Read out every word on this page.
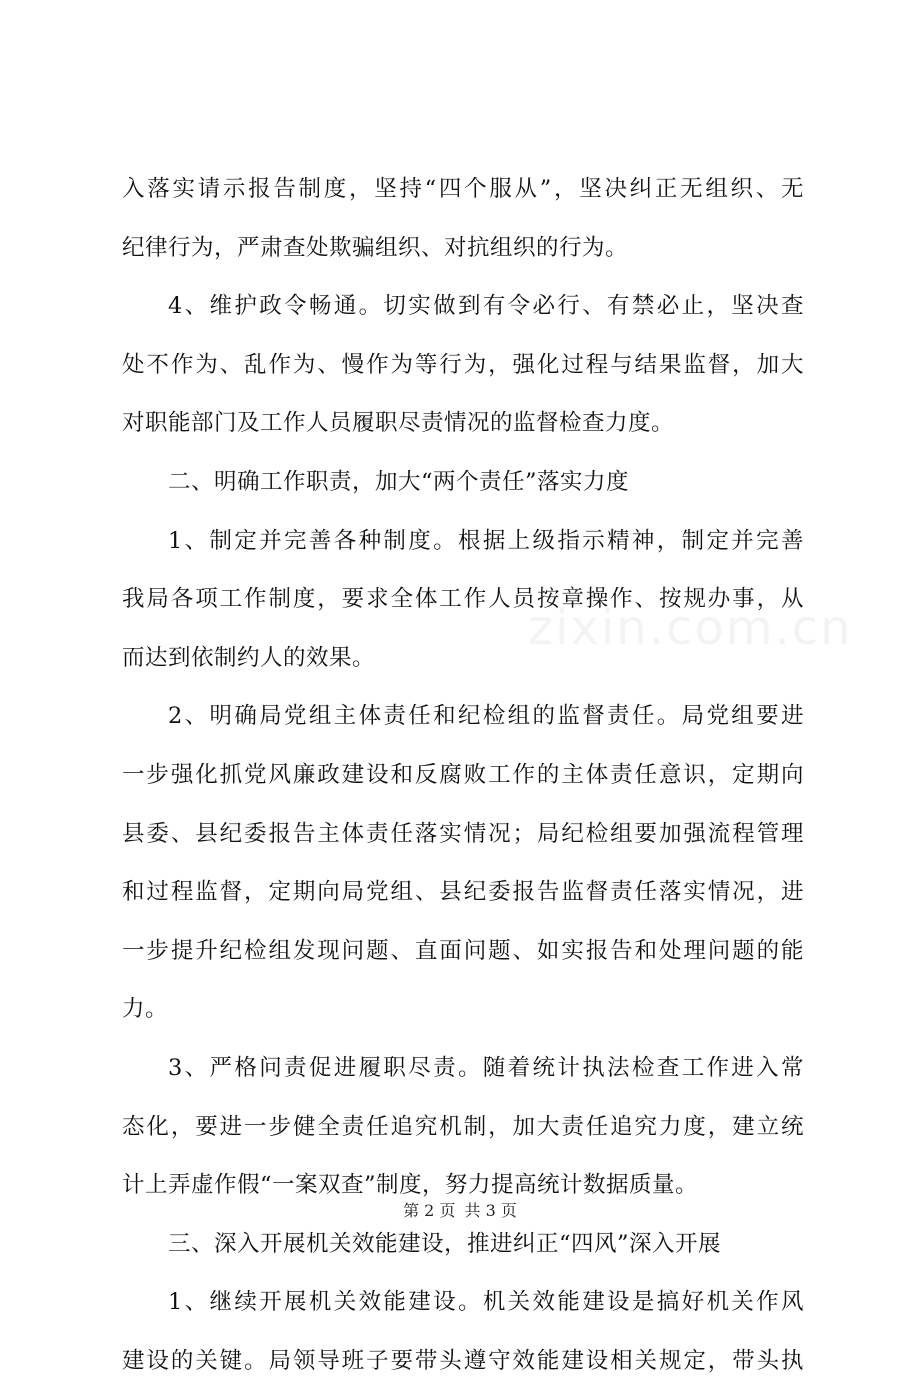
入落实请示报告制度，坚持“四个服从”，坚决纠正无组织、无
纪律行为，严肃查处欺骗组织、对抗组织的行为。
4、维护政令畅通。切实做到有令必行、有禁必止，坚决查
处不作为、乱作为、慢作为等行为，强化过程与结果监督，加大
对职能部门及工作人员履职尽责情况的监督检查力度。
二、明确工作职责，加大“两个责任”落实力度
1、制定并完善各种制度。根据上级指示精神，制定并完善
我局各项工作制度，要求全体工作人员按章操作、按规办事，从
而达到依制约人的效果。
2、明确局党组主体责任和纪检组的监督责任。局党组要进
一步强化抓党风廉政建设和反腐败工作的主体责任意识，定期向
县委、县纪委报告主体责任落实情况；局纪检组要加强流程管理
和过程监督，定期向局党组、县纪委报告监督责任落实情况，进
一步提升纪检组发现问题、直面问题、如实报告和处理问题的能
力。
3、严格问责促进履职尽责。随着统计执法检查工作进入常
态化，要进一步健全责任追究机制，加大责任追究力度，建立统
计上弄虚作假“一案双查”制度，努力提高统计数据质量。
三、深入开展机关效能建设，推进纠正“四风”深入开展
1、继续开展机关效能建设。机关效能建设是搞好机关作风
建设的关键。局领导班子要带头遵守效能建设相关规定，带头执
第 2 页 共 3 页
